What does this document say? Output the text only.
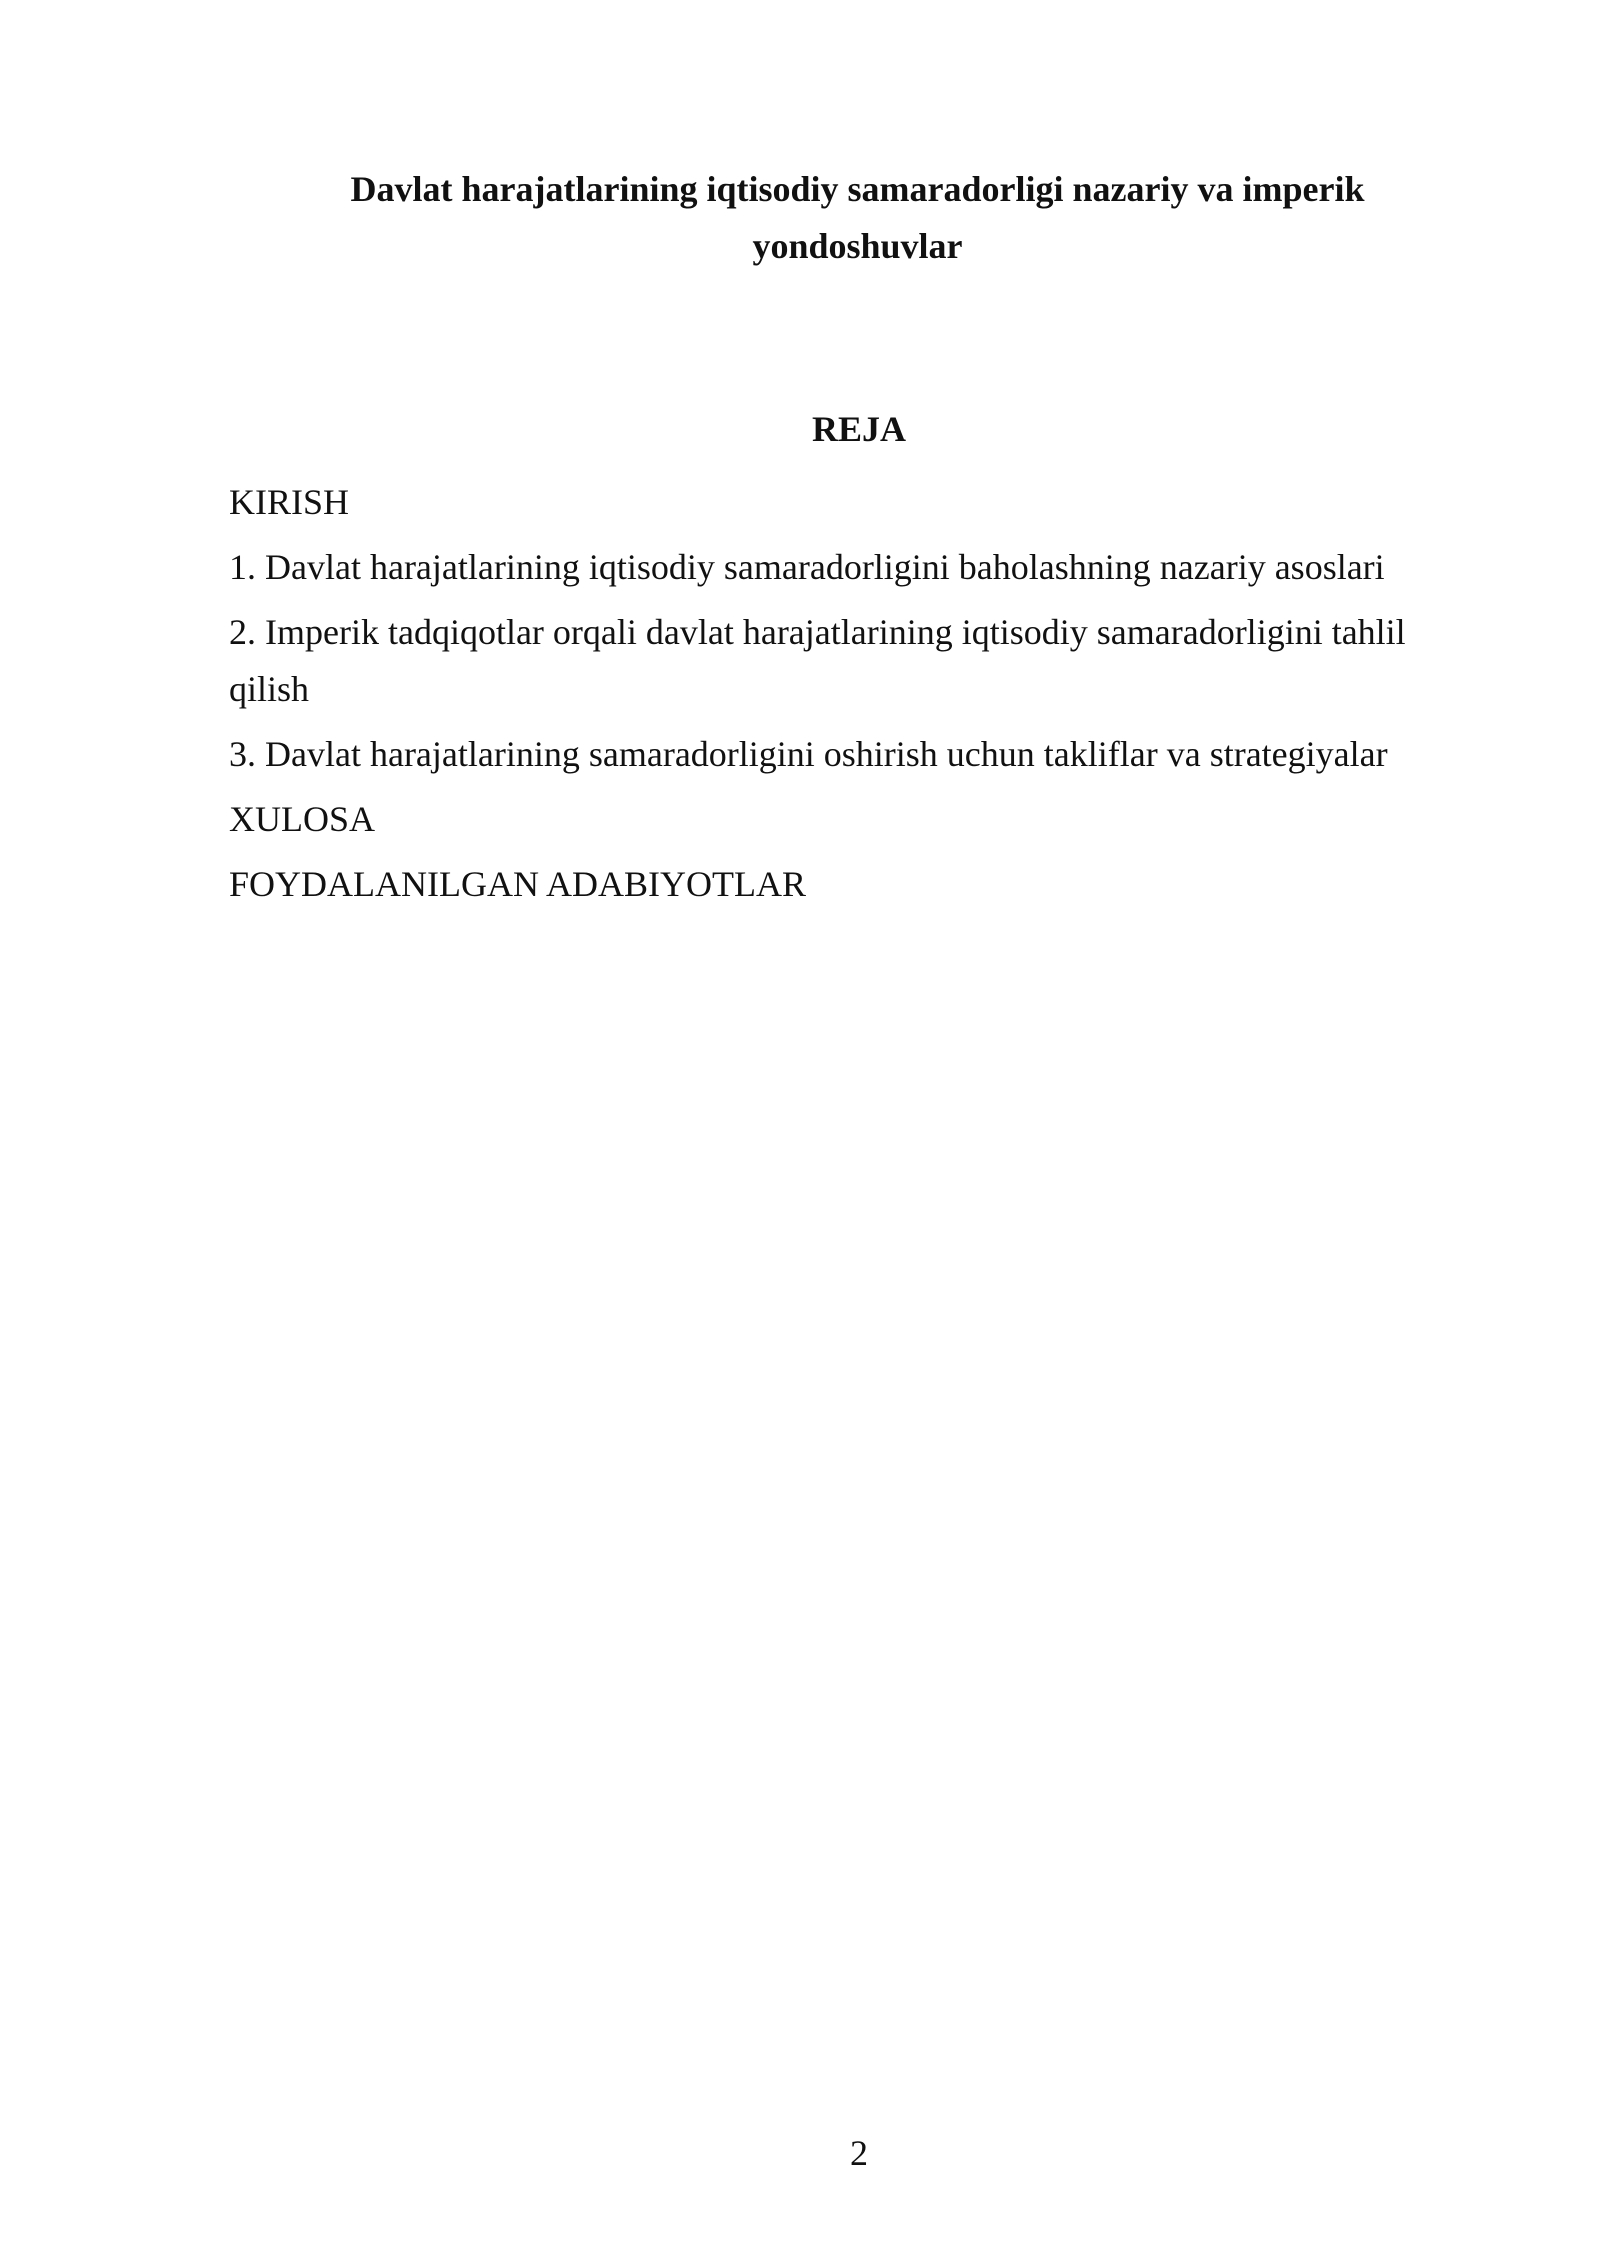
Davlat harajatlarining iqtisodiy samaradorligi nazariy va imperik yondoshuvlar
REJA
KIRISH
1. Davlat harajatlarining iqtisodiy samaradorligini baholashning nazariy asoslari
2. Imperik tadqiqotlar orqali davlat harajatlarining iqtisodiy samaradorligini tahlil qilish
3. Davlat harajatlarining samaradorligini oshirish uchun takliflar va strategiyalar
XULOSA
FOYDALANILGAN ADABIYOTLAR
2
